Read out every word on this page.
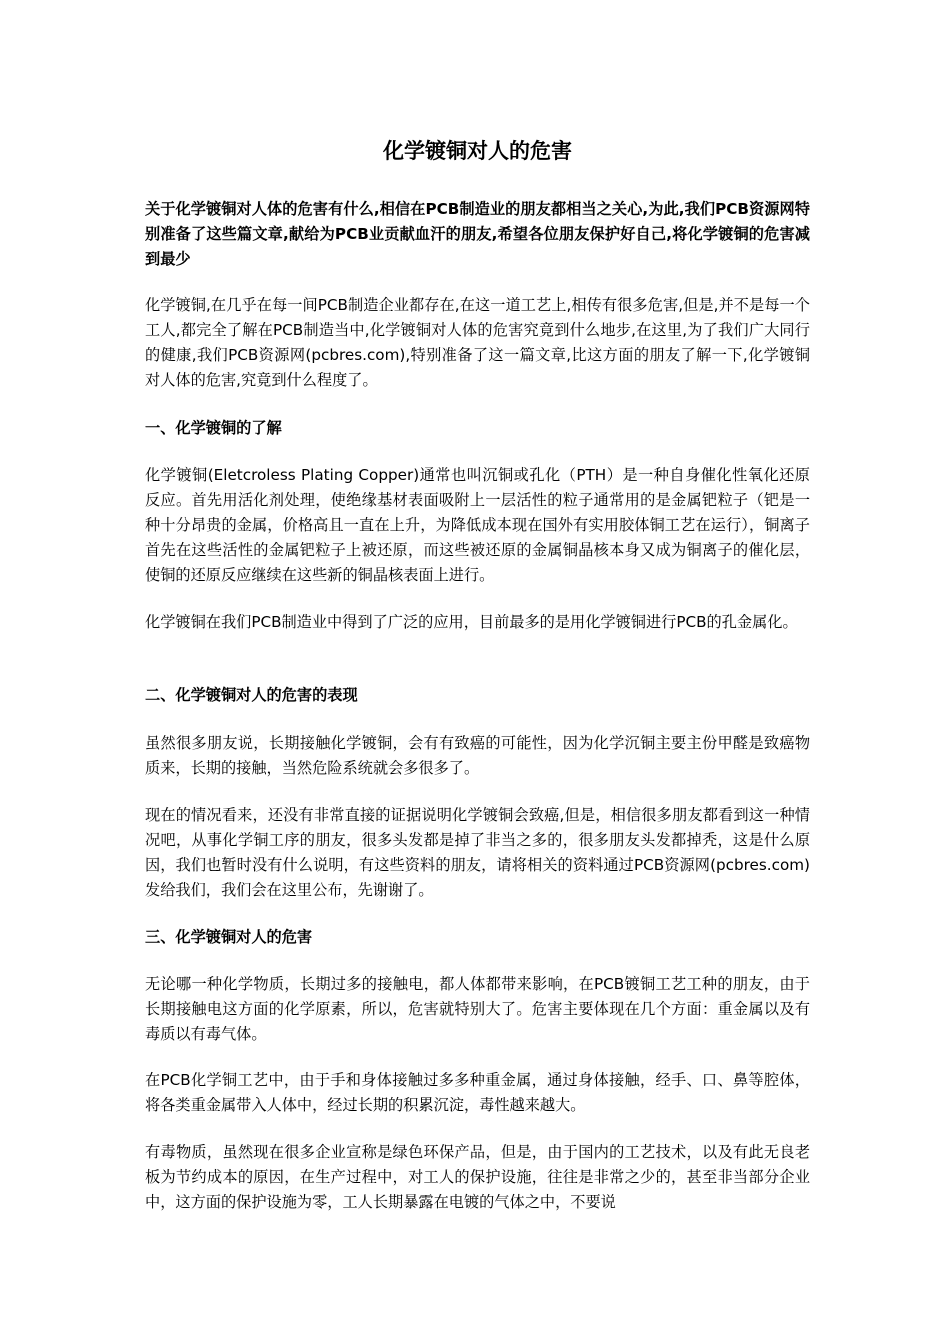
化学镀铜对人的危害

关于化学镀铜对人体的危害有什么,相信在PCB制造业的朋友都相当之关心,为此,我们PCB资源网特别准备了这些篇文章,献给为PCB业贡献血汗的朋友,希望各位朋友保护好自己,将化学镀铜的危害减到最少

化学镀铜,在几乎在每一间PCB制造企业都存在,在这一道工艺上,相传有很多危害,但是,并不是每一个工人,都完全了解在PCB制造当中,化学镀铜对人体的危害究竟到什么地步,在这里,为了我们广大同行的健康,我们PCB资源网(pcbres.com),特别准备了这一篇文章,比这方面的朋友了解一下,化学镀铜对人体的危害,究竟到什么程度了。

一、化学镀铜的了解

化学镀铜(Eletcroless Plating Copper)通常也叫沉铜或孔化（PTH）是一种自身催化性氧化还原反应。首先用活化剂处理，使绝缘基材表面吸附上一层活性的粒子通常用的是金属钯粒子（钯是一种十分昂贵的金属，价格高且一直在上升，为降低成本现在国外有实用胶体铜工艺在运行），铜离子首先在这些活性的金属钯粒子上被还原，而这些被还原的金属铜晶核本身又成为铜离子的催化层，使铜的还原反应继续在这些新的铜晶核表面上进行。

化学镀铜在我们PCB制造业中得到了广泛的应用，目前最多的是用化学镀铜进行PCB的孔金属化。

二、化学镀铜对人的危害的表现

虽然很多朋友说，长期接触化学镀铜，会有有致癌的可能性，因为化学沉铜主要主份甲醛是致癌物质来，长期的接触，当然危险系统就会多很多了。

现在的情况看来，还没有非常直接的证据说明化学镀铜会致癌,但是，相信很多朋友都看到这一种情况吧，从事化学铜工序的朋友，很多头发都是掉了非当之多的，很多朋友头发都掉秃，这是什么原因，我们也暂时没有什么说明，有这些资料的朋友，请将相关的资料通过PCB资源网(pcbres.com)发给我们，我们会在这里公布，先谢谢了。

三、化学镀铜对人的危害

无论哪一种化学物质，长期过多的接触电，都人体都带来影响，在PCB镀铜工艺工种的朋友，由于长期接触电这方面的化学原素，所以，危害就特别大了。危害主要体现在几个方面：重金属以及有毒质以有毒气体。

在PCB化学铜工艺中，由于手和身体接触过多多种重金属，通过身体接触，经手、口、鼻等腔体，将各类重金属带入人体中，经过长期的积累沉淀，毒性越来越大。

有毒物质，虽然现在很多企业宣称是绿色环保产品，但是，由于国内的工艺技术，以及有此无良老板为节约成本的原因，在生产过程中，对工人的保护设施，往往是非常之少的，甚至非当部分企业中，这方面的保护设施为零，工人长期暴露在电镀的气体之中，不要说
